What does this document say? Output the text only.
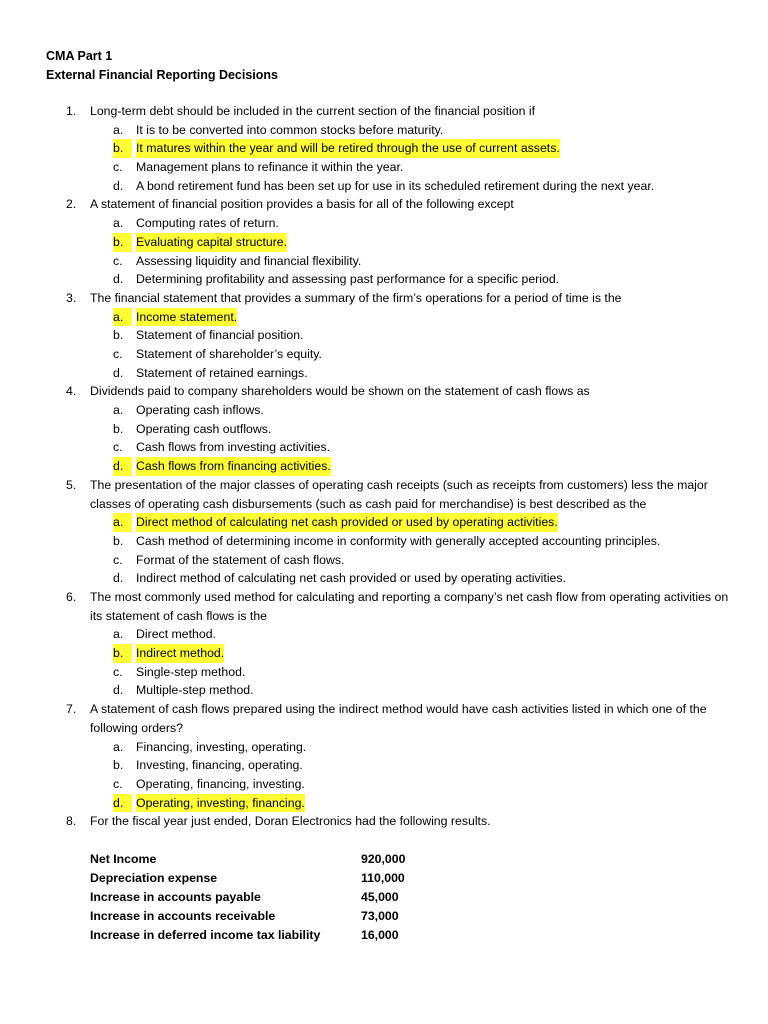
CMA Part 1
External Financial Reporting Decisions
1.	Long-term debt should be included in the current section of the financial position if
a. It is to be converted into common stocks before maturity.
b.	It matures within the year and will be retired through the use of current assets.
c. Management plans to refinance it within the year.
d. A bond retirement fund has been set up for use in its scheduled retirement during the next year.
2.	A statement of financial position provides a basis for all of the following except
a. Computing rates of return.
b.	Evaluating capital structure.
c. Assessing liquidity and financial flexibility.
d. Determining profitability and assessing past performance for a specific period.
3.	The financial statement that provides a summary of the firm’s operations for a period of time is the
a.	Income statement.
b. Statement of financial position.
c. Statement of shareholder’s equity.
d. Statement of retained earnings.
4.	Dividends paid to company shareholders would be shown on the statement of cash flows as
a. Operating cash inflows.
b. Operating cash outflows.
c. Cash flows from investing activities.
d.	Cash flows from financing activities.
5.	The presentation of the major classes of operating cash receipts (such as receipts from customers) less the major classes of operating cash disbursements (such as cash paid for merchandise) is best described as the
a.	Direct method of calculating net cash provided or used by operating activities.
b. Cash method of determining income in conformity with generally accepted accounting principles.
c. Format of the statement of cash flows.
d. Indirect method of calculating net cash provided or used by operating activities.
6.	The most commonly used method for calculating and reporting a company’s net cash flow from operating activities on its statement of cash flows is the
a. Direct method.
b.	Indirect method.
c. Single-step method.
d. Multiple-step method.
7.	A statement of cash flows prepared using the indirect method would have cash activities listed in which one of the following orders?
a. Financing, investing, operating.
b. Investing, financing, operating.
c. Operating, financing, investing.
d.	Operating, investing, financing.
8.	For the fiscal year just ended, Doran Electronics had the following results.
Net Income	920,000
Depreciation expense	110,000
Increase in accounts payable	45,000
Increase in accounts receivable	73,000
Increase in deferred income tax liability	16,000
